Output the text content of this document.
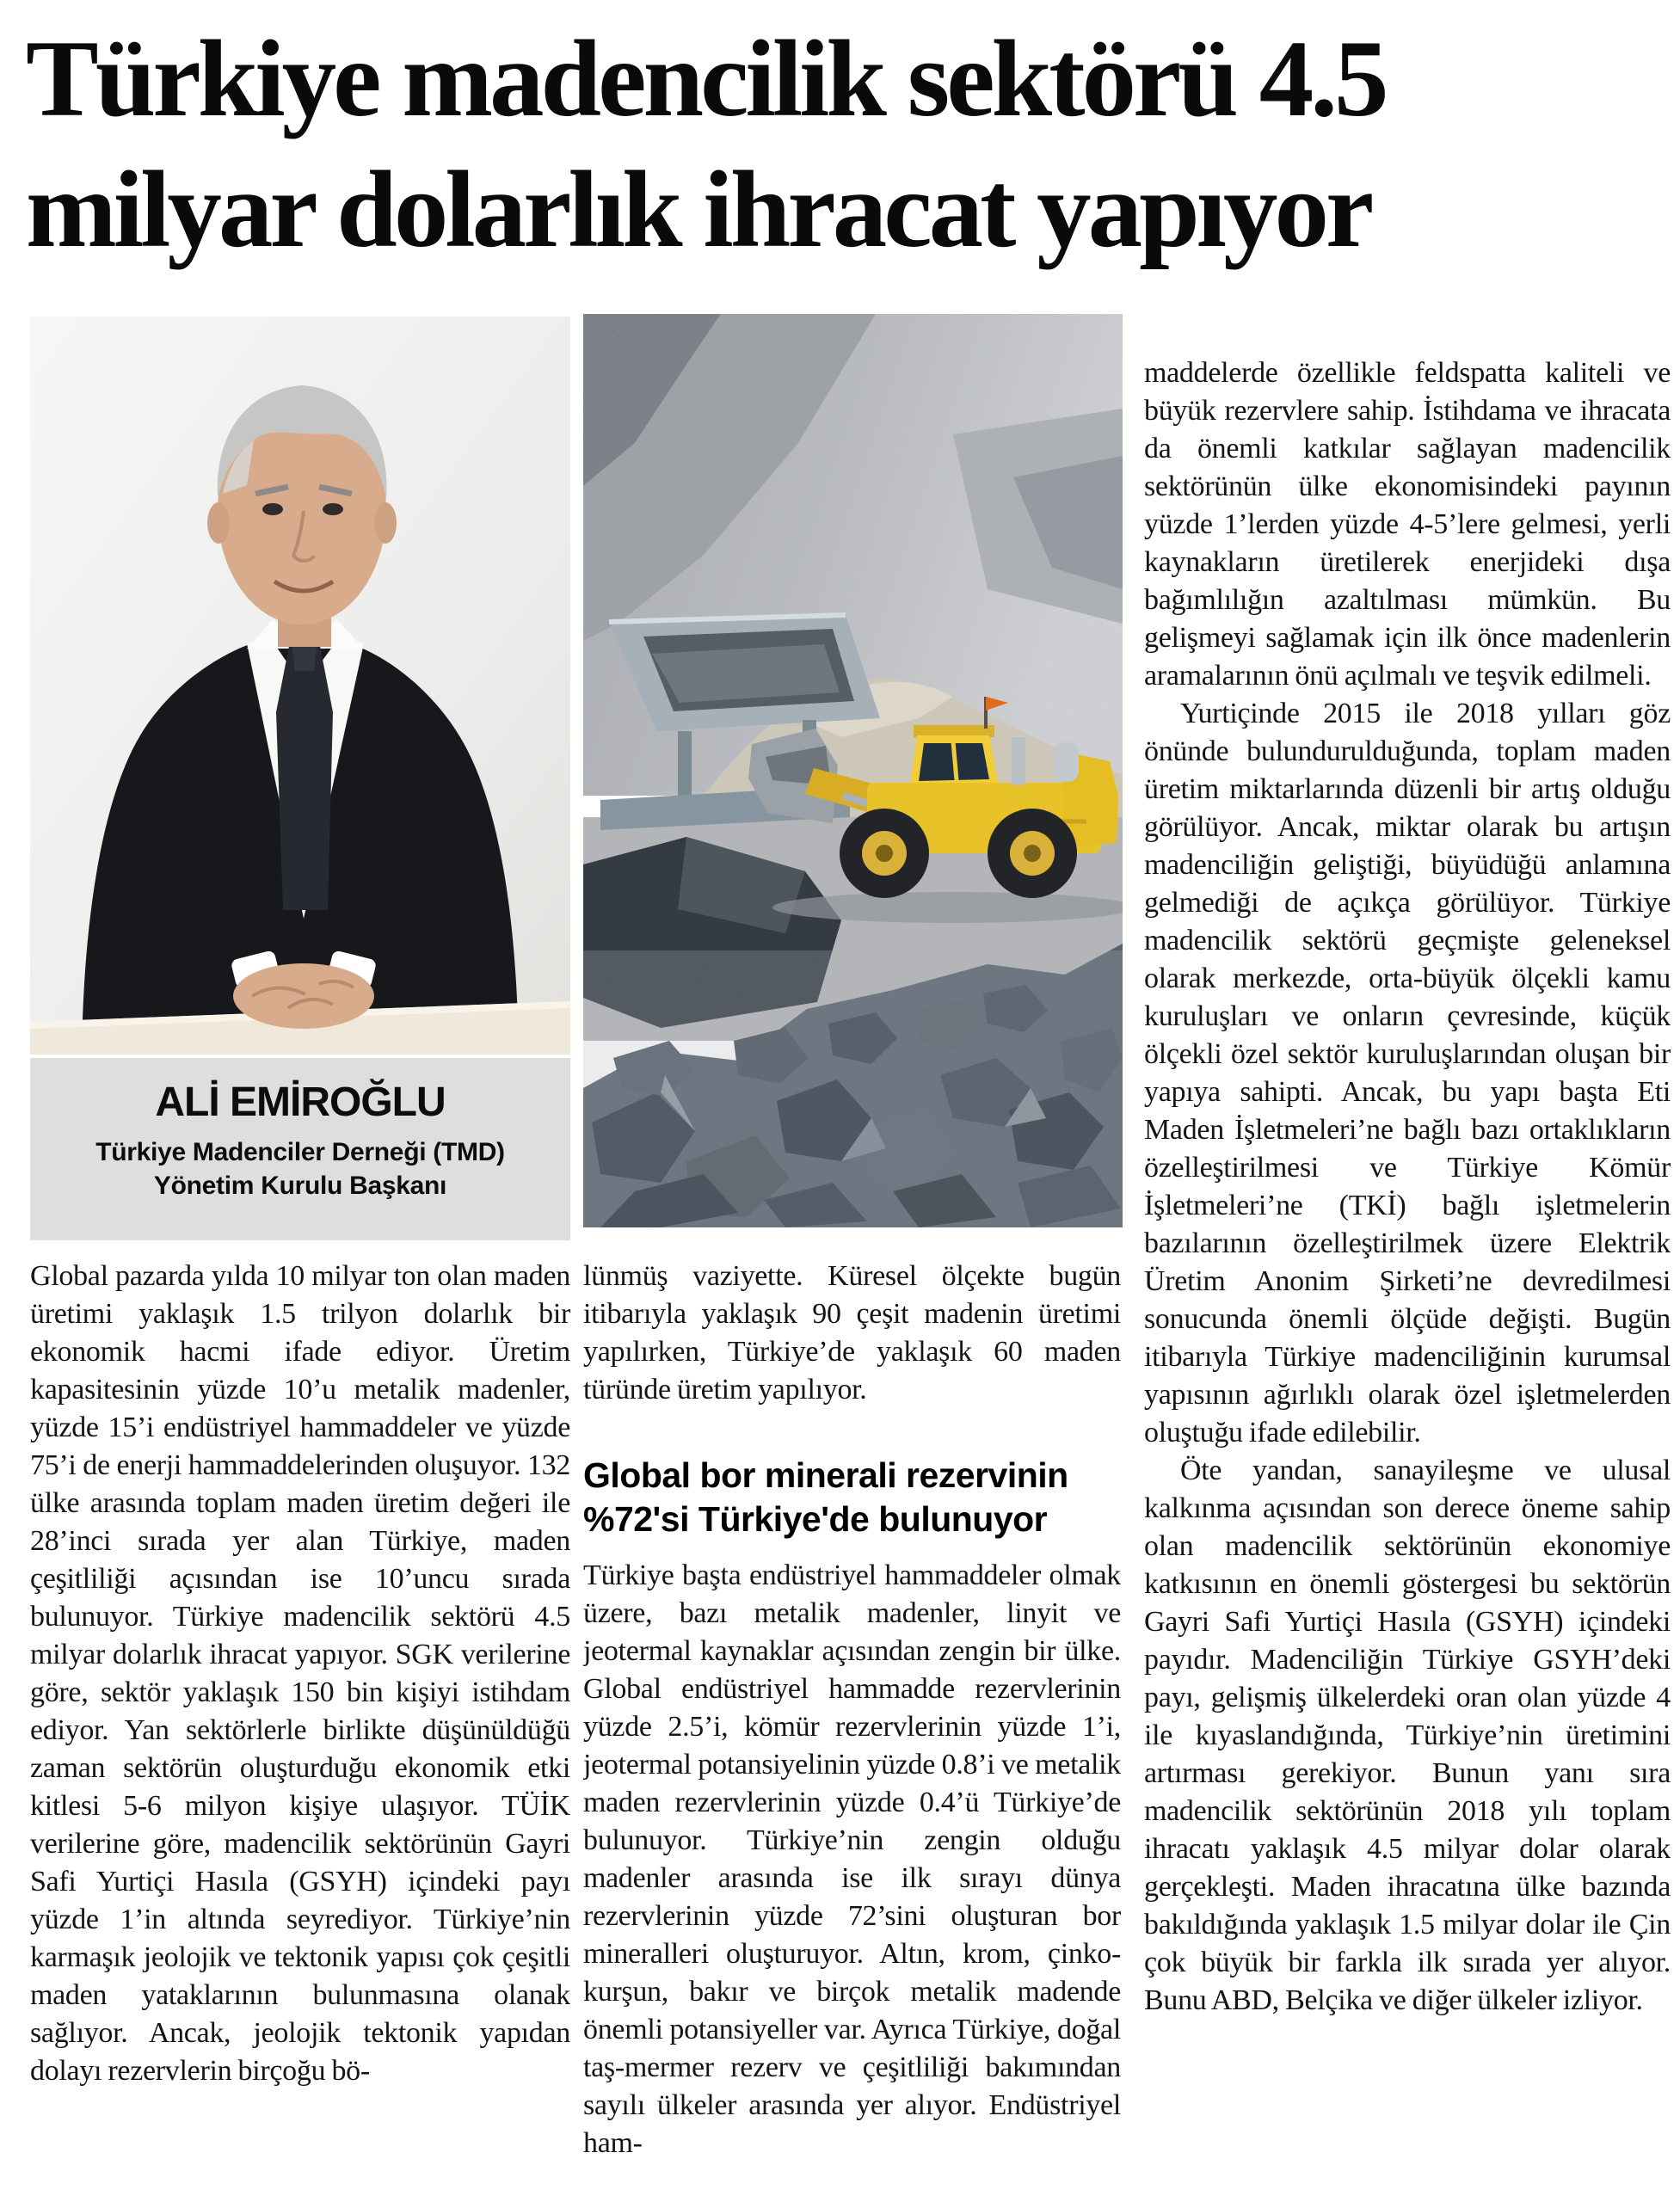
Türkiye madencilik sektörü 4.5
milyar dolarlık ihracat yapıyor

ALİ EMİROĞLU

Türkiye Madenciler Derneği (TMD)
Yönetim Kurulu Başkanı

Global pazarda yılda 10 milyar ton olan maden üretimi yaklaşık 1.5 trilyon dolarlık bir ekonomik hacmi ifade ediyor. Üretim kapasitesinin yüzde 10’u metalik madenler, yüzde 15’i endüstriyel hammaddeler ve yüzde 75’i de enerji hammaddelerinden oluşuyor. 132 ülke arasında toplam maden üretim değeri ile 28’inci sırada yer alan Türkiye, maden çeşitliliği açısından ise 10’uncu sırada bulunuyor. Türkiye madencilik sektörü 4.5 milyar dolarlık ihracat yapıyor. SGK verilerine göre, sektör yaklaşık 150 bin kişiyi istihdam ediyor. Yan sektörlerle birlikte düşünüldüğü zaman sektörün oluşturduğu ekonomik etki kitlesi 5-6 milyon kişiye ulaşıyor. TÜİK verilerine göre, madencilik sektörünün Gayri Safi Yurtiçi Hasıla (GSYH) içindeki payı yüzde 1’in altında seyrediyor. Türkiye’nin karmaşık jeolojik ve tektonik yapısı çok çeşitli maden yataklarının bulunmasına olanak sağlıyor. Ancak, jeolojik tektonik yapıdan dolayı rezervlerin birçoğu bö-

lünmüş vaziyette. Küresel ölçekte bugün itibarıyla yaklaşık 90 çeşit madenin üretimi yapılırken, Türkiye’de yaklaşık 60 maden türünde üretim yapılıyor.

Global bor minerali rezervinin
%72'si Türkiye'de bulunuyor

Türkiye başta endüstriyel hammaddeler olmak üzere, bazı metalik madenler, linyit ve jeotermal kaynaklar açısından zengin bir ülke. Global endüstriyel hammadde rezervlerinin yüzde 2.5’i, kömür rezervlerinin yüzde 1’i, jeotermal potansiyelinin yüzde 0.8’i ve metalik maden rezervlerinin yüzde 0.4’ü Türkiye’de bulunuyor. Türkiye’nin zengin olduğu madenler arasında ise ilk sırayı dünya rezervlerinin yüzde 72’sini oluşturan bor mineralleri oluşturuyor. Altın, krom, çinko-kurşun, bakır ve birçok metalik madende önemli potansiyeller var. Ayrıca Türkiye, doğal taş-mermer rezerv ve çeşitliliği bakımından sayılı ülkeler arasında yer alıyor. Endüstriyel ham-

maddelerde özellikle feldspatta kaliteli ve büyük rezervlere sahip. İstihdama ve ihracata da önemli katkılar sağlayan madencilik sektörünün ülke ekonomisindeki payının yüzde 1’lerden yüzde 4-5’lere gelmesi, yerli kaynakların üretilerek enerjideki dışa bağımlılığın azaltılması mümkün. Bu gelişmeyi sağlamak için ilk önce madenlerin aramalarının önü açılmalı ve teşvik edilmeli.

Yurtiçinde 2015 ile 2018 yılları göz önünde bulundurulduğunda, toplam maden üretim miktarlarında düzenli bir artış olduğu görülüyor. Ancak, miktar olarak bu artışın madenciliğin geliştiği, büyüdüğü anlamına gelmediği de açıkça görülüyor. Türkiye madencilik sektörü geçmişte geleneksel olarak merkezde, orta-büyük ölçekli kamu kuruluşları ve onların çevresinde, küçük ölçekli özel sektör kuruluşlarından oluşan bir yapıya sahipti. Ancak, bu yapı başta Eti Maden İşletmeleri’ne bağlı bazı ortaklıkların özelleştirilmesi ve Türkiye Kömür İşletmeleri’ne (TKİ) bağlı işletmelerin bazılarının özelleştirilmek üzere Elektrik Üretim Anonim Şirketi’ne devredilmesi sonucunda önemli ölçüde değişti. Bugün itibarıyla Türkiye madenciliğinin kurumsal yapısının ağırlıklı olarak özel işletmelerden oluştuğu ifade edilebilir.

Öte yandan, sanayileşme ve ulusal kalkınma açısından son derece öneme sahip olan madencilik sektörünün ekonomiye katkısının en önemli göstergesi bu sektörün Gayri Safi Yurtiçi Hasıla (GSYH) içindeki payıdır. Madenciliğin Türkiye GSYH’deki payı, gelişmiş ülkelerdeki oran olan yüzde 4 ile kıyaslandığında, Türkiye’nin üretimini artırması gerekiyor. Bunun yanı sıra madencilik sektörünün 2018 yılı toplam ihracatı yaklaşık 4.5 milyar dolar olarak gerçekleşti. Maden ihracatına ülke bazında bakıldığında yaklaşık 1.5 milyar dolar ile Çin çok büyük bir farkla ilk sırada yer alıyor. Bunu ABD, Belçika ve diğer ülkeler izliyor.
